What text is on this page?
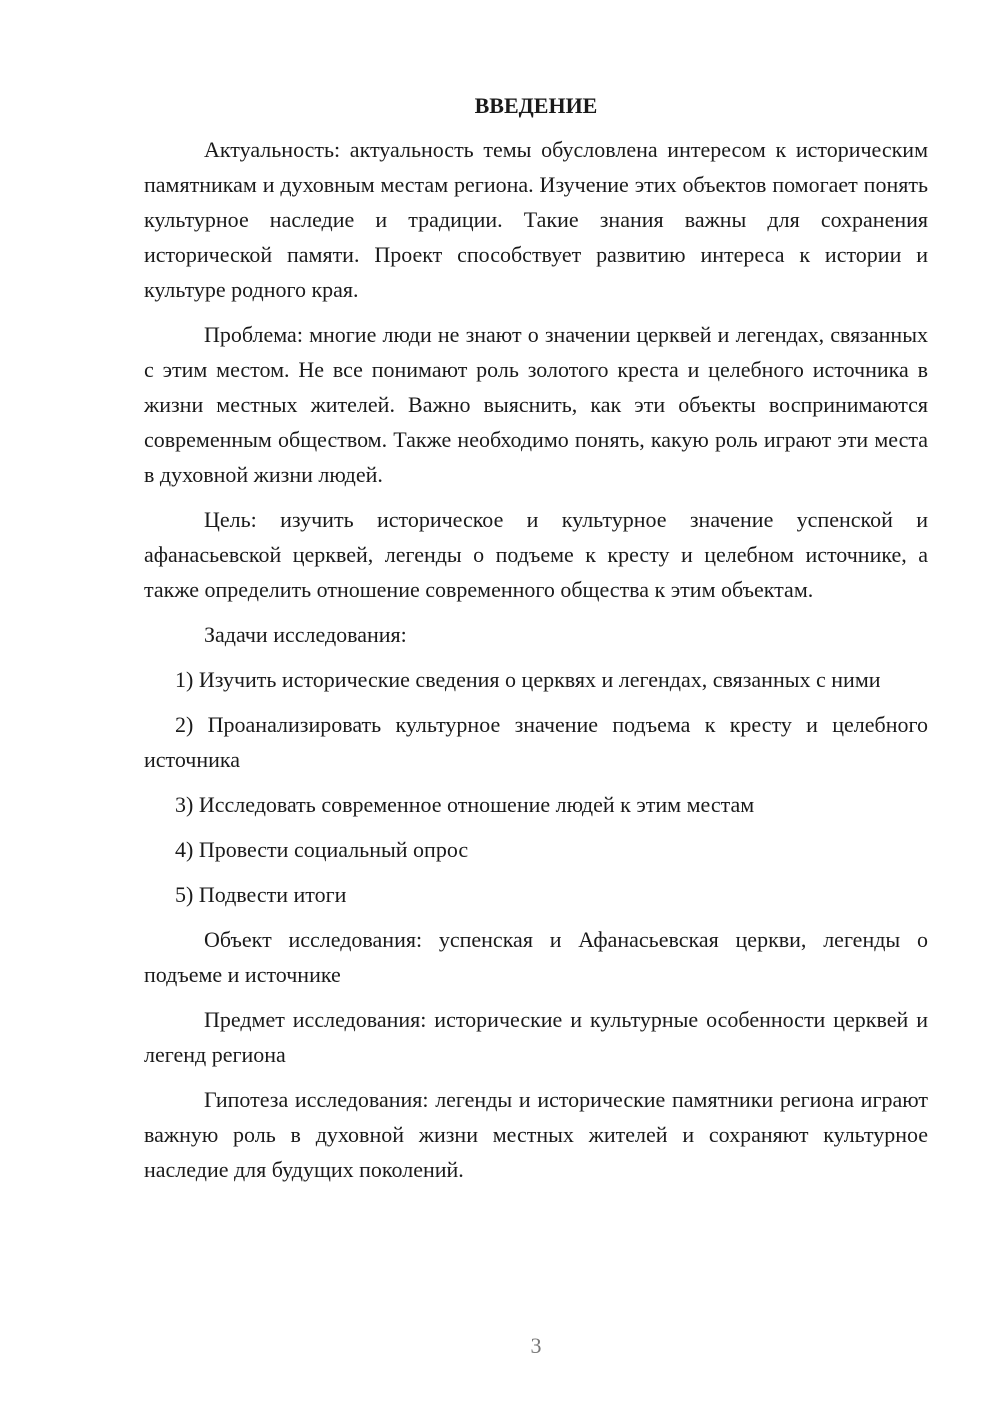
ВВЕДЕНИЕ

Актуальность: актуальность темы обусловлена интересом к историческим памятникам и духовным местам региона. Изучение этих объектов помогает понять культурное наследие и традиции. Такие знания важны для сохранения исторической памяти. Проект способствует развитию интереса к истории и культуре родного края.

Проблема: многие люди не знают о значении церквей и легендах, связанных с этим местом. Не все понимают роль золотого креста и целебного источника в жизни местных жителей. Важно выяснить, как эти объекты воспринимаются современным обществом. Также необходимо понять, какую роль играют эти места в духовной жизни людей.

Цель: изучить историческое и культурное значение успенской и афанасьевской церквей, легенды о подъеме к кресту и целебном источнике, а также определить отношение современного общества к этим объектам.

Задачи исследования:

1) Изучить исторические сведения о церквях и легендах, связанных с ними

2) Проанализировать культурное значение подъема к кресту и целебного источника

3) Исследовать современное отношение людей к этим местам

4) Провести социальный опрос

5) Подвести итоги

Объект исследования: успенская и Афанасьевская церкви, легенды о подъеме и источнике

Предмет исследования: исторические и культурные особенности церквей и легенд региона

Гипотеза исследования: легенды и исторические памятники региона играют важную роль в духовной жизни местных жителей и сохраняют культурное наследие для будущих поколений.

3
